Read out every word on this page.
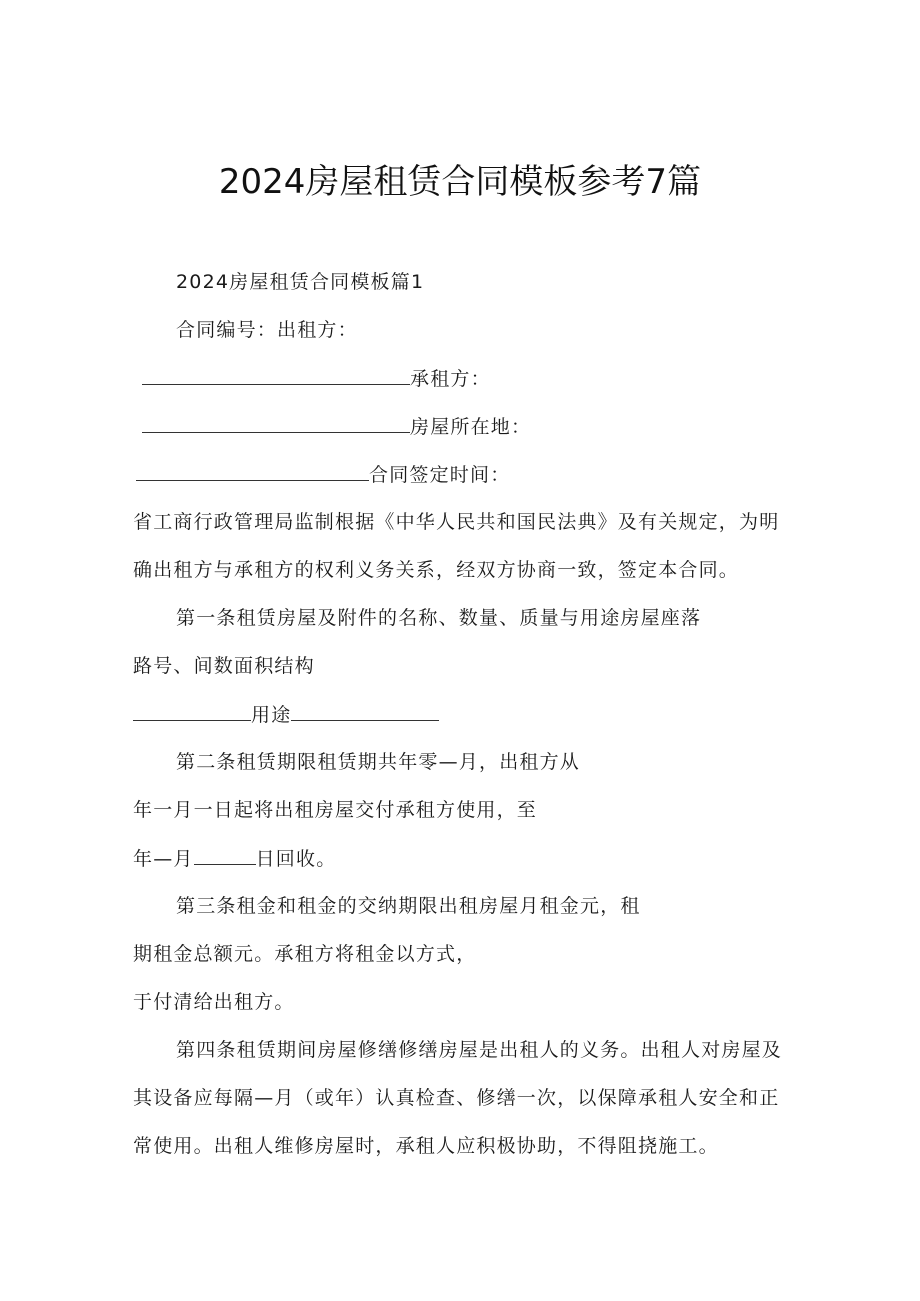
2024房屋租赁合同模板参考7篇
2024房屋租赁合同模板篇1
合同编号：出租方：
承租方：
房屋所在地：
合同签定时间：
省工商行政管理局监制根据《中华人民共和国民法典》及有关规定，为明
确出租方与承租方的权利义务关系，经双方协商一致，签定本合同。
第一条租赁房屋及附件的名称、数量、质量与用途房屋座落
路号、间数面积结构
用途
第二条租赁期限租赁期共年零—月，出租方从
年一月一日起将出租房屋交付承租方使用，至
年—月	日回收。
第三条租金和租金的交纳期限出租房屋月租金元，租
期租金总额元。承租方将租金以方式，
于付清给出租方。
第四条租赁期间房屋修缮修缮房屋是出租人的义务。出租人对房屋及
其设备应每隔—月（或年）认真检查、修缮一次，以保障承租人安全和正
常使用。出租人维修房屋时，承租人应积极协助，不得阻挠施工。
